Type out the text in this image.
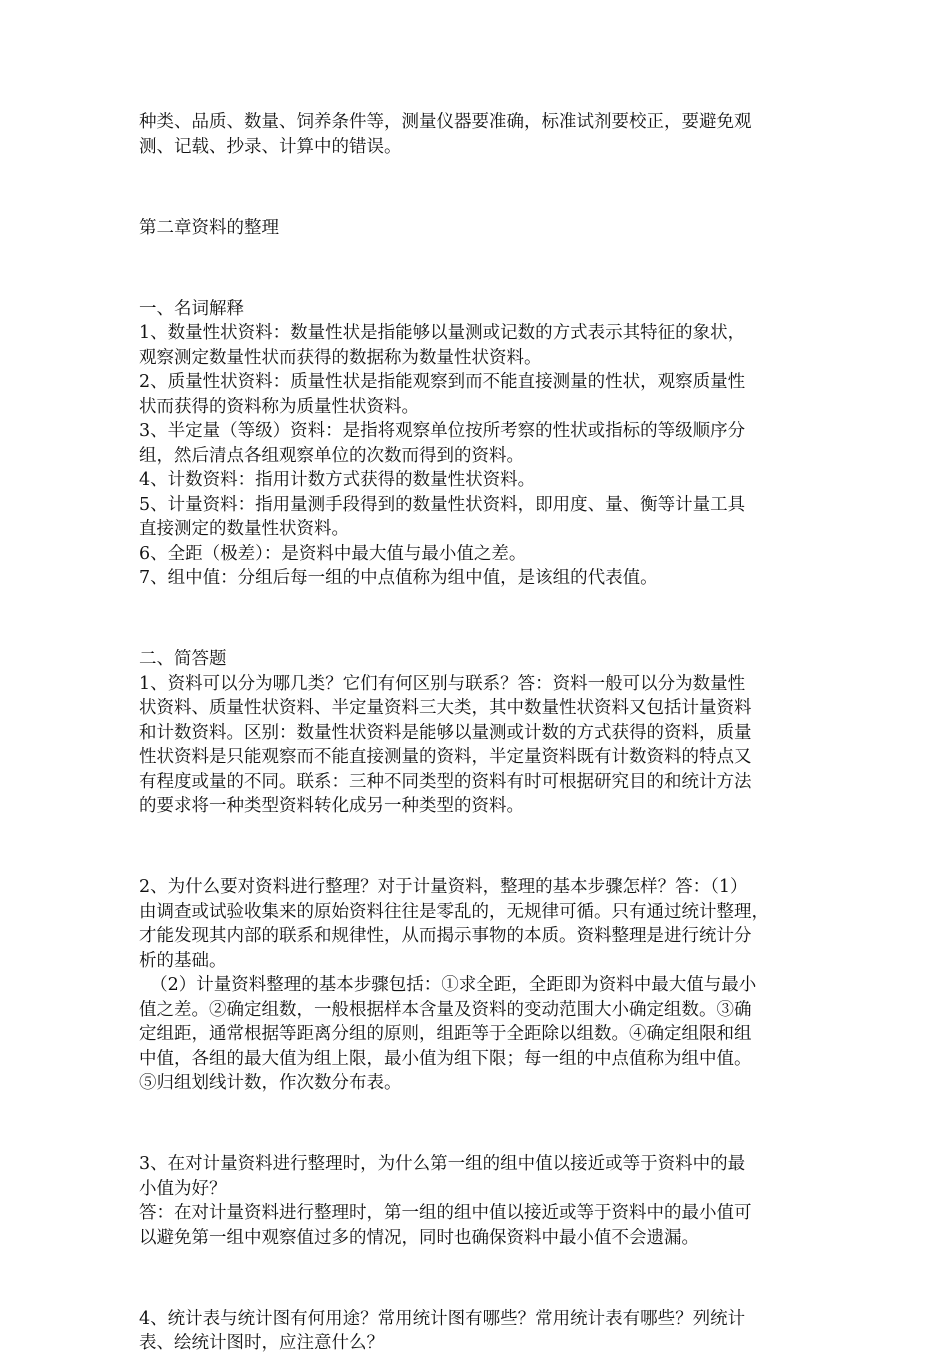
种类、品质、数量、饲养条件等，测量仪器要准确，标准试剂要校正，要避免观

测、记载、抄录、计算中的错误。

第二章资料的整理

一、名词解释

1、数量性状资料：数量性状是指能够以量测或记数的方式表示其特征的象状，

观察测定数量性状而获得的数据称为数量性状资料。

2、质量性状资料：质量性状是指能观察到而不能直接测量的性状，观察质量性

状而获得的资料称为质量性状资料。

3、半定量（等级）资料：是指将观察单位按所考察的性状或指标的等级顺序分

组，然后清点各组观察单位的次数而得到的资料。

4、计数资料：指用计数方式获得的数量性状资料。

5、计量资料：指用量测手段得到的数量性状资料，即用度、量、衡等计量工具

直接测定的数量性状资料。

6、全距（极差）：是资料中最大值与最小值之差。

7、组中值：分组后每一组的中点值称为组中值，是该组的代表值。

二、简答题

1、资料可以分为哪几类？它们有何区别与联系？答：资料一般可以分为数量性

状资料、质量性状资料、半定量资料三大类，其中数量性状资料又包括计量资料

和计数资料。区别：数量性状资料是能够以量测或计数的方式获得的资料，质量

性状资料是只能观察而不能直接测量的资料，半定量资料既有计数资料的特点又

有程度或量的不同。联系：三种不同类型的资料有时可根据研究目的和统计方法

的要求将一种类型资料转化成另一种类型的资料。

2、为什么要对资料进行整理？对于计量资料，整理的基本步骤怎样？答：（1）

由调查或试验收集来的原始资料往往是零乱的，无规律可循。只有通过统计整理，

才能发现其内部的联系和规律性，从而揭示事物的本质。资料整理是进行统计分

析的基础。

（2）计量资料整理的基本步骤包括：①求全距，全距即为资料中最大值与最小

值之差。②确定组数，一般根据样本含量及资料的变动范围大小确定组数。③确

定组距，通常根据等距离分组的原则，组距等于全距除以组数。④确定组限和组

中值，各组的最大值为组上限，最小值为组下限；每一组的中点值称为组中值。

⑤归组划线计数，作次数分布表。

3、在对计量资料进行整理时，为什么第一组的组中值以接近或等于资料中的最

小值为好？

答：在对计量资料进行整理时，第一组的组中值以接近或等于资料中的最小值可

以避免第一组中观察值过多的情况，同时也确保资料中最小值不会遗漏。

4、统计表与统计图有何用途？常用统计图有哪些？常用统计表有哪些？列统计

表、绘统计图时，应注意什么？
